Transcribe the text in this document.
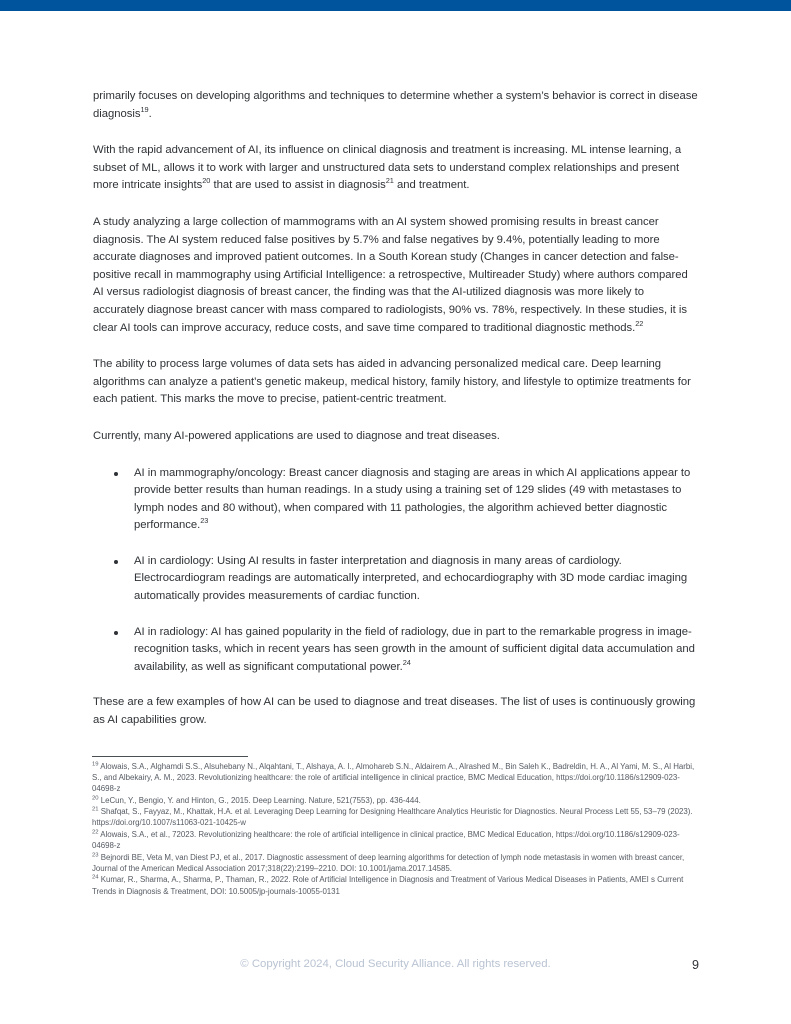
primarily focuses on developing algorithms and techniques to determine whether a system’s behavior is correct in disease diagnosis$^{19}$.

With the rapid advancement of AI, its influence on clinical diagnosis and treatment is increasing. ML intense learning, a subset of ML, allows it to work with larger and unstructured data sets to understand complex relationships and present more intricate insights$^{20}$ that are used to assist in diagnosis$^{21}$ and treatment.

A study analyzing a large collection of mammograms with an AI system showed promising results in breast cancer diagnosis. The AI system reduced false positives by 5.7% and false negatives by 9.4%, potentially leading to more accurate diagnoses and improved patient outcomes. In a South Korean study (Changes in cancer detection and false-positive recall in mammography using Artificial Intelligence: a retrospective, Multireader Study) where authors compared AI versus radiologist diagnosis of breast cancer, the finding was that the AI-utilized diagnosis was more likely to accurately diagnose breast cancer with mass compared to radiologists, 90% vs. 78%, respectively. In these studies, it is clear AI tools can improve accuracy, reduce costs, and save time compared to traditional diagnostic methods.$^{22}$

The ability to process large volumes of data sets has aided in advancing personalized medical care. Deep learning algorithms can analyze a patient’s genetic makeup, medical history, family history, and lifestyle to optimize treatments for each patient. This marks the move to precise, patient-centric treatment.

Currently, many AI-powered applications are used to diagnose and treat diseases.

AI in mammography/oncology: Breast cancer diagnosis and staging are areas in which AI applications appear to provide better results than human readings. In a study using a training set of 129 slides (49 with metastases to lymph nodes and 80 without), when compared with 11 pathologies, the algorithm achieved better diagnostic performance.$^{23}$
AI in cardiology: Using AI results in faster interpretation and diagnosis in many areas of cardiology. Electrocardiogram readings are automatically interpreted, and echocardiography with 3D mode cardiac imaging automatically provides measurements of cardiac function.
AI in radiology: AI has gained popularity in the field of radiology, due in part to the remarkable progress in image-recognition tasks, which in recent years has seen growth in the amount of sufficient digital data accumulation and availability, as well as significant computational power.$^{24}$

These are a few examples of how AI can be used to diagnose and treat diseases. The list of uses is continuously growing as AI capabilities grow.

$^{19}$ Alowais, S.A., Alghamdi S.S., Alsuhebany N., Alqahtani, T., Alshaya, A. I., Almohareb S.N., Aldairem A., Alrashed M., Bin Saleh K., Badreldin, H. A., Al Yami, M. S., Al Harbi, S., and Albekairy, A. M., 2023. Revolutionizing healthcare: the role of artificial intelligence in clinical practice, BMC Medical Education, https://doi.org/10.1186/s12909-023-04698-z

$^{20}$ LeCun, Y., Bengio, Y. and Hinton, G., 2015. Deep Learning. Nature, 521(7553), pp. 436-444.

$^{21}$ Shafqat, S., Fayyaz, M., Khattak, H.A. et al. Leveraging Deep Learning for Designing Healthcare Analytics Heuristic for Diagnostics. Neural Process Lett 55, 53–79 (2023). https://doi.org/10.1007/s11063-021-10425-w

$^{22}$ Alowais, S.A., et al., 72023. Revolutionizing healthcare: the role of artificial intelligence in clinical practice, BMC Medical Education, https://doi.org/10.1186/s12909-023-04698-z

$^{23}$ Bejnordi BE, Veta M, van Diest PJ, et al., 2017. Diagnostic assessment of deep learning algorithms for detection of lymph node metastasis in women with breast cancer, Journal of the American Medical Association 2017;318(22):2199–2210. DOI: 10.1001/jama.2017.14585.

$^{24}$ Kumar, R., Sharma, A., Sharma, P., Thaman, R., 2022. Role of Artificial Intelligence in Diagnosis and Treatment of Various Medical Diseases in Patients, AMEI s Current Trends in Diagnosis & Treatment, DOI: 10.5005/jp-journals-10055-0131

© Copyright 2024, Cloud Security Alliance. All rights reserved.	9
